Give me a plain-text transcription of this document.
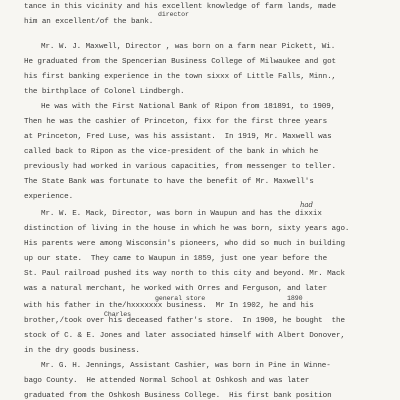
tance in this vicinity and his excellent knowledge of farm lands, made
director
him an excellent/of the bank.
Mr. W. J. Maxwell, Director , was born on a farm near Pickett, Wi.
He graduated from the Spencerian Business College of Milwaukee and got
his first banking experience in the town sixxx of Little Falls, Minn.,
the birthplace of Colonel Lindbergh.
He was with the First National Bank of Ripon from 181891, to 1909,
Then he was the cashier of Princeton, fixx for the first three years
at Princeton, Fred Luse, was his assistant.  In 1919, Mr. Maxwell was
called back to Ripon as the vice-president of the bank in which he
previously had worked in various capacities, from messenger to teller.
The State Bank was fortunate to have the benefit of Mr. Maxwell's
experience.
had
Mr. W. E. Mack, Director, was born in Waupun and has the dixxix
distinction of living in the house in which he was born, sixty years ago.
His parents were among Wisconsin's pioneers, who did so much in building
up our state.  They came to Waupun in 1859, just one year before the
St. Paul railroad pushed its way north to this city and beyond. Mr. Mack
was a natural merchant, he worked with Orres and Ferguson, and later
general store	1890
with his father in the/hxxxxxxx business.  Mr In 1902, he and his
Charles
brother,/took over his deceased father's store.  In 1900, he bought  the
stock of C. & E. Jones and later associated himself with Albert Donover,
in the dry goods business.
Mr. G. H. Jennings, Assistant Cashier, was born in Pine in Winne-
bago County.  He attended Normal School at Oshkosh and was later
graduated from the Oshkosh Business College.  His first bank position
